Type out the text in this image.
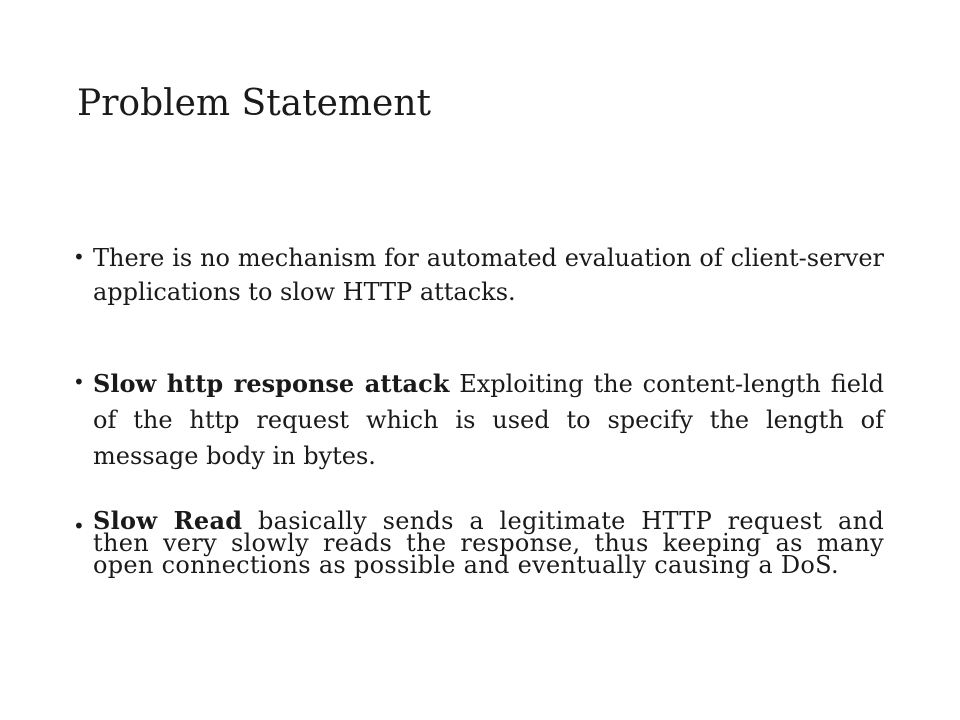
Problem Statement
• There is no mechanism for automated evaluation of client-server applications to slow HTTP attacks.
• Slow http response attack Exploiting the content-length field of the http request which is used to specify the length of message body in bytes.
• Slow Read basically sends a legitimate HTTP request and then very slowly reads the response, thus keeping as many open connections as possible and eventually causing a DoS.
